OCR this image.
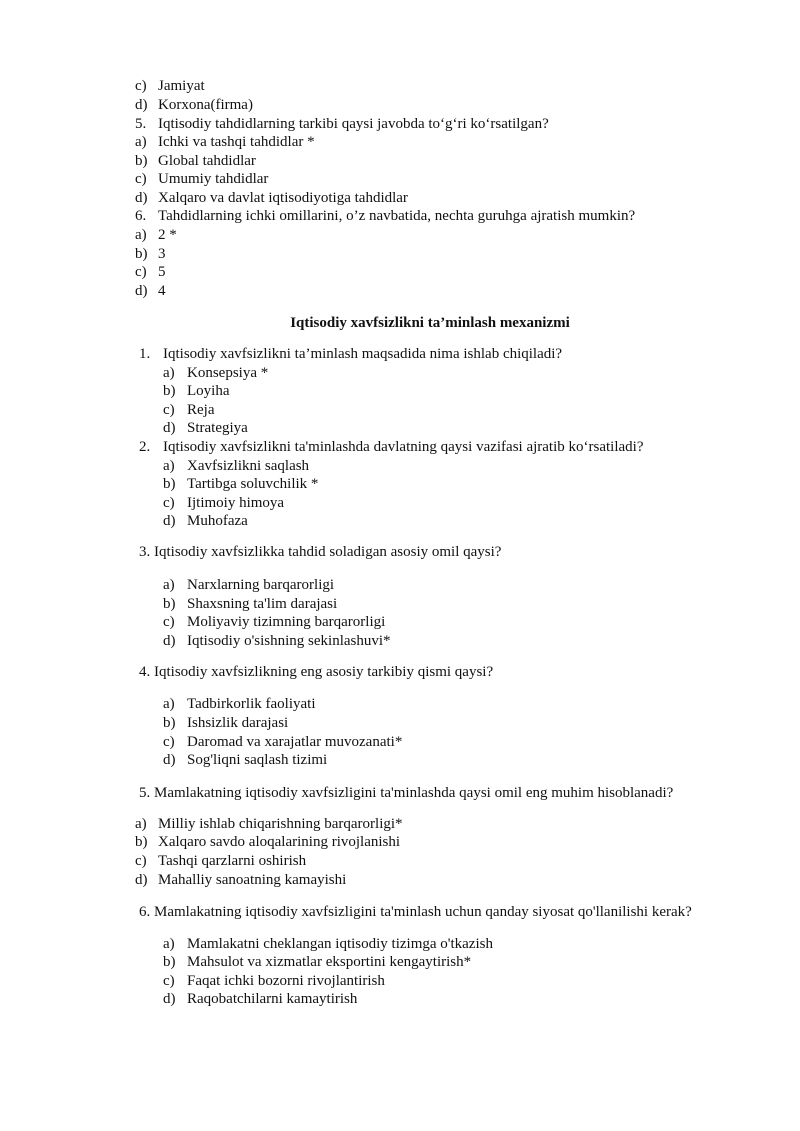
c) Jamiyat
d) Korxona(firma)
5. Iqtisodiy tahdidlarning tarkibi qaysi javobda to‘g‘ri ko‘rsatilgan?
a) Ichki va tashqi tahdidlar *
b) Global tahdidlar
c) Umumiy tahdidlar
d) Xalqaro va davlat iqtisodiyotiga tahdidlar
6. Tahdidlarning ichki omillarini, o’z navbatida, nechta guruhga ajratish mumkin?
a) 2 *
b) 3
c) 5
d) 4
Iqtisodiy xavfsizlikni ta’minlash mexanizmi
1. Iqtisodiy xavfsizlikni ta’minlash maqsadida nima ishlab chiqiladi?
a) Konsepsiya *
b) Loyiha
c) Reja
d) Strategiya
2. Iqtisodiy xavfsizlikni ta'minlashda davlatning qaysi vazifasi ajratib ko‘rsatiladi?
a) Xavfsizlikni saqlash
b) Tartibga soluvchilik *
c) Ijtimoiy himoya
d) Muhofaza
3. Iqtisodiy xavfsizlikka tahdid soladigan asosiy omil qaysi?
a) Narxlarning barqarorligi
b) Shaxsning ta'lim darajasi
c) Moliyaviy tizimning barqarorligi
d) Iqtisodiy o'sishning sekinlashuvi*
4. Iqtisodiy xavfsizlikning eng asosiy tarkibiy qismi qaysi?
a) Tadbirkorlik faoliyati
b) Ishsizlik darajasi
c) Daromad va xarajatlar muvozanati*
d) Sog'liqni saqlash tizimi
5. Mamlakatning iqtisodiy xavfsizligini ta'minlashda qaysi omil eng muhim hisoblanadi?
a) Milliy ishlab chiqarishning barqarorligi*
b) Xalqaro savdo aloqalarining rivojlanishi
c) Tashqi qarzlarni oshirish
d) Mahalliy sanoatning kamayishi
6. Mamlakatning iqtisodiy xavfsizligini ta'minlash uchun qanday siyosat qo'llanilishi kerak?
a) Mamlakatni cheklangan iqtisodiy tizimga o'tkazish
b) Mahsulot va xizmatlar eksportini kengaytirish*
c) Faqat ichki bozorni rivojlantirish
d) Raqobatchilarni kamaytirish
